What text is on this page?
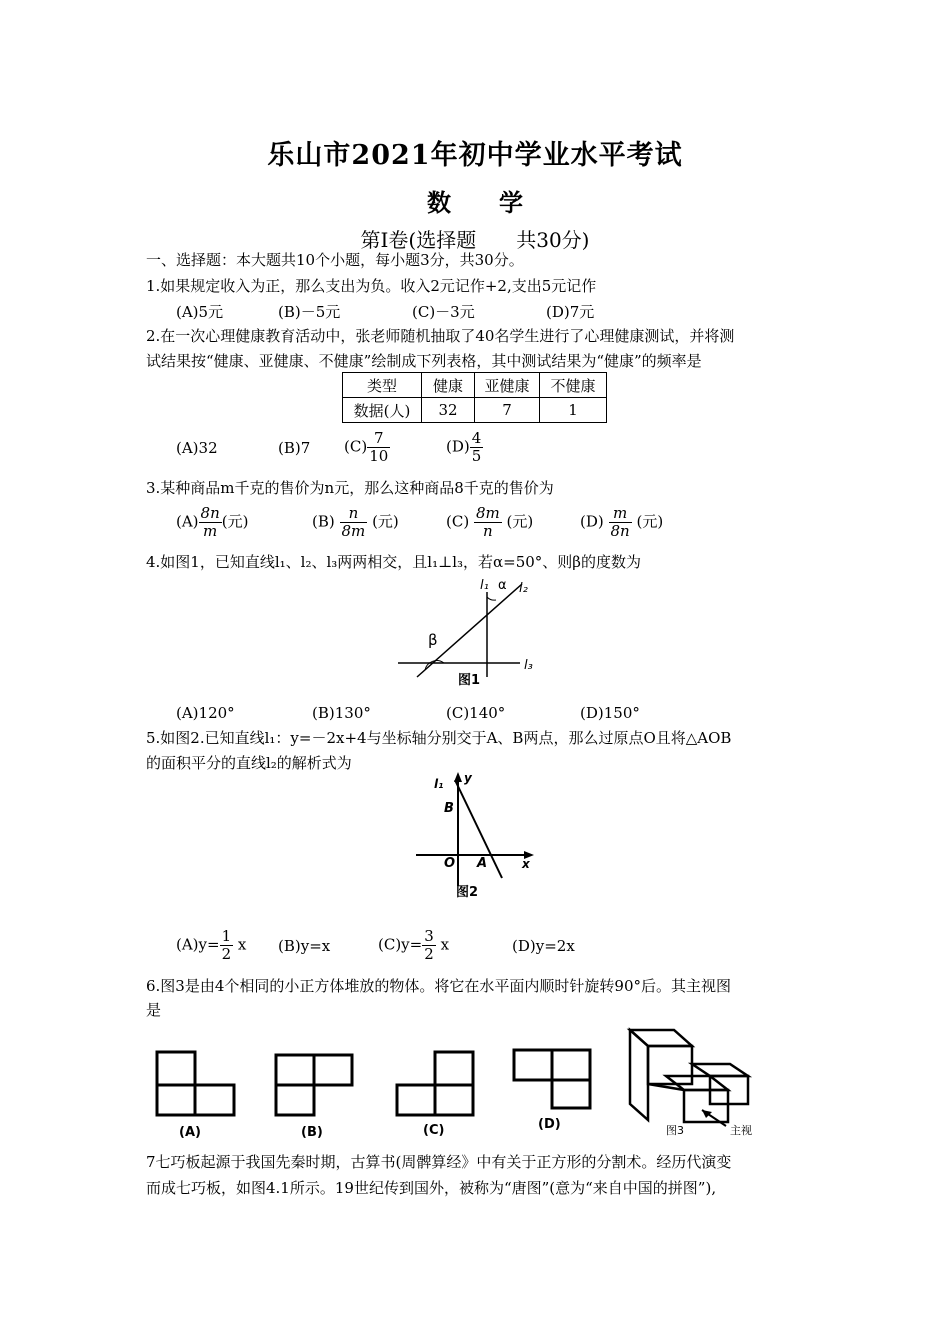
乐山市2021年初中学业水平考试
数 学
第Ⅰ卷(选择题　　共30分)
一、选择题：本大题共10个小题，每小题3分，共30分。
1.如果规定收入为正，那么支出为负。收入2元记作+2,支出5元记作
(A)5元	(B)－5元	(C)－3元	(D)7元
2.在一次心理健康教育活动中，张老师随机抽取了40名学生进行了心理健康测试，并将测
试结果按“健康、亚健康、不健康”绘制成下列表格，其中测试结果为“健康”的频率是
类型	健康	亚健康	不健康
数据(人)	32	7	1
(A)32	(B)7 $(C) \frac{7}{10}$	$(D) \frac{4}{5}$
3.某种商品m千克的售价为n元，那么这种商品8千克的售价为
$(A) \frac{8n}{m}$ (元)	$(B) \frac{n}{8m}$ (元)	$(C) \frac{8m}{n}$ (元)	$(D) \frac{m}{8n}$ (元)
4.如图1，已知直线l₁、l₂、l₃两两相交，且l₁⊥l₃，若α=50°、则β的度数为
l₁ α l₂
β
l₃
图1
(A)120°	(B)130°	(C)140°	(D)150°
5.如图2.已知直线l₁：y=－2x+4与坐标轴分别交于A、B两点，那么过原点O且将△AOB
的面积平分的直线l₂的解析式为
l₁ y
B
O A	x
图2
$(A)y= \frac{1}{2}$ x (B)y=x	$(C)y= \frac{3}{2}$ x	(D)y=2x
6.图3是由4个相同的小正方体堆放的物体。将它在水平面内顺时针旋转90°后。其主视图
是
(A)	(B)	(C)	(D)	图3	主视
7七巧板起源于我国先秦时期，古算书(周髀算经》中有关于正方形的分割术。经历代演变
而成七巧板，如图4.1所示。19世纪传到国外，被称为“唐图”(意为“来自中国的拼图”),
